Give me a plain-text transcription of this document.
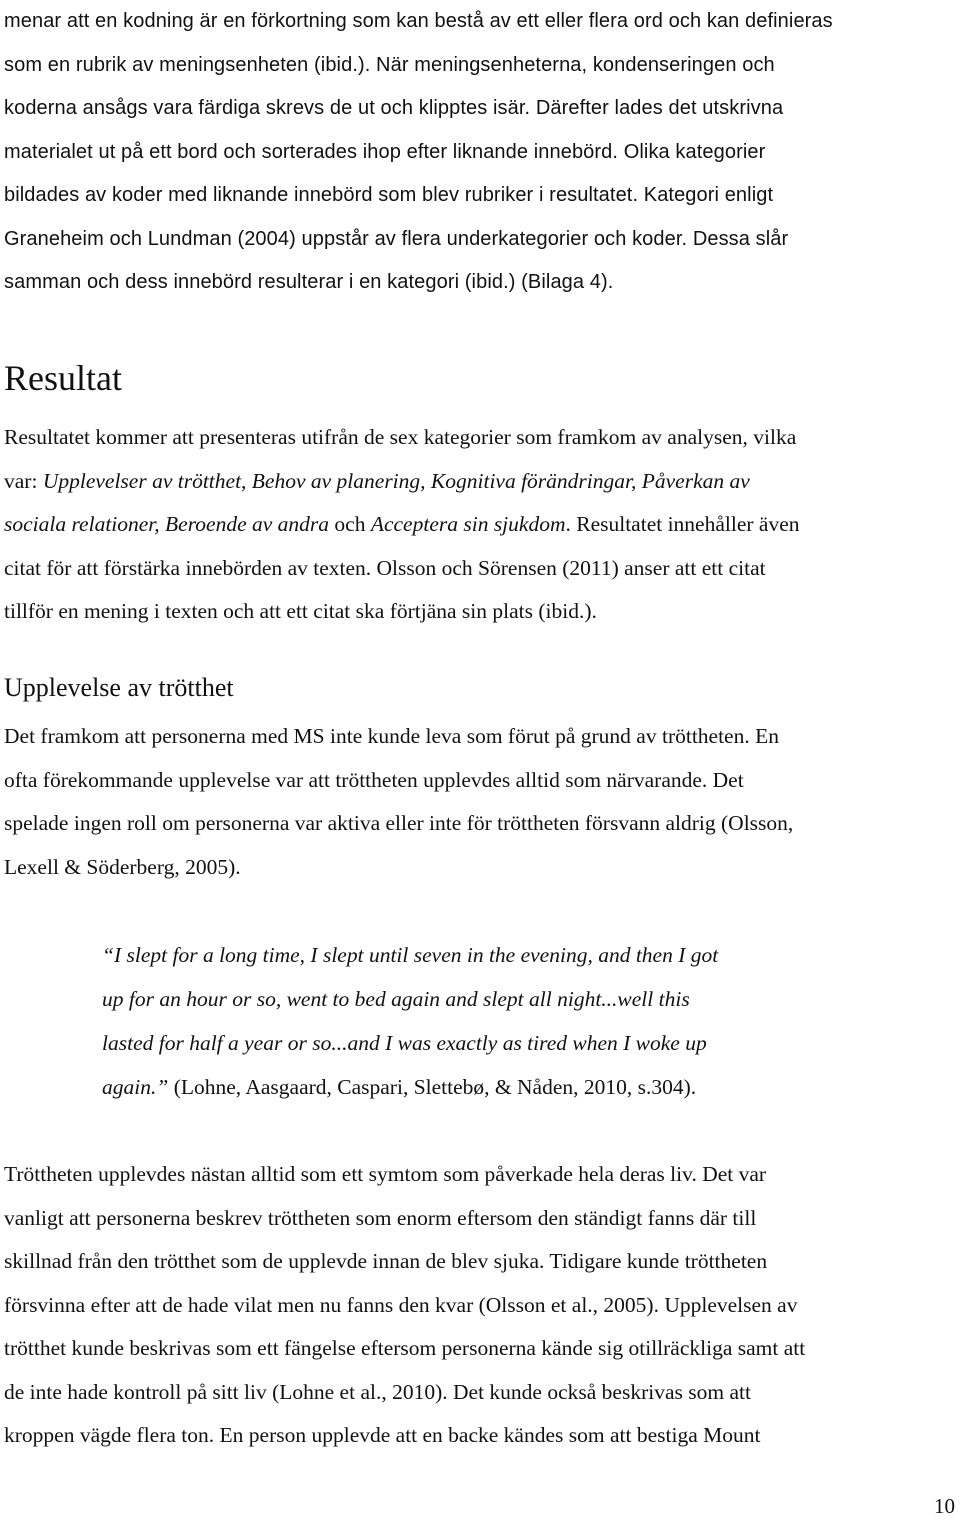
menar att en kodning är en förkortning som kan bestå av ett eller flera ord och kan definieras
som en rubrik av meningsenheten (ibid.). När meningsenheterna, kondenseringen och
koderna ansågs vara färdiga skrevs de ut och klipptes isär. Därefter lades det utskrivna
materialet ut på ett bord och sorterades ihop efter liknande innebörd. Olika kategorier
bildades av koder med liknande innebörd som blev rubriker i resultatet. Kategori enligt
Graneheim och Lundman (2004) uppstår av flera underkategorier och koder. Dessa slår
samman och dess innebörd resulterar i en kategori (ibid.) (Bilaga 4).

Resultat

Resultatet kommer att presenteras utifrån de sex kategorier som framkom av analysen, vilka
var: Upplevelser av trötthet, Behov av planering, Kognitiva förändringar, Påverkan av
sociala relationer, Beroende av andra och Acceptera sin sjukdom. Resultatet innehåller även
citat för att förstärka innebörden av texten. Olsson och Sörensen (2011) anser att ett citat
tillför en mening i texten och att ett citat ska förtjäna sin plats (ibid.).

Upplevelse av trötthet

Det framkom att personerna med MS inte kunde leva som förut på grund av tröttheten. En
ofta förekommande upplevelse var att tröttheten upplevdes alltid som närvarande. Det
spelade ingen roll om personerna var aktiva eller inte för tröttheten försvann aldrig (Olsson,
Lexell & Söderberg, 2005).

“I slept for a long time, I slept until seven in the evening, and then I got
up for an hour or so, went to bed again and slept all night...well this
lasted for half a year or so...and I was exactly as tired when I woke up
again.” (Lohne, Aasgaard, Caspari, Slettebø, & Nåden, 2010, s.304).

Tröttheten upplevdes nästan alltid som ett symtom som påverkade hela deras liv. Det var
vanligt att personerna beskrev tröttheten som enorm eftersom den ständigt fanns där till
skillnad från den trötthet som de upplevde innan de blev sjuka. Tidigare kunde tröttheten
försvinna efter att de hade vilat men nu fanns den kvar (Olsson et al., 2005). Upplevelsen av
trötthet kunde beskrivas som ett fängelse eftersom personerna kände sig otillräckliga samt att
de inte hade kontroll på sitt liv (Lohne et al., 2010). Det kunde också beskrivas som att
kroppen vägde flera ton. En person upplevde att en backe kändes som att bestiga Mount

10
